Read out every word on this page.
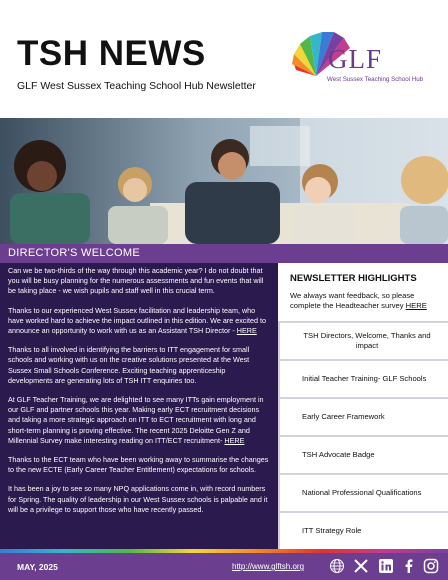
TSH NEWS
GLF West Sussex Teaching School Hub Newsletter
GLF
West Sussex Teaching School Hub
DIRECTOR'S WELCOME

Can we be two-thirds of the way through this academic year? I do not doubt that you will be busy planning for the numerous assessments and fun events that will be taking place - we wish pupils and staff well in this crucial term.

Thanks to our experienced West Sussex facilitation and leadership team, who have worked hard to achieve the impact outlined in this edition. We are excited to announce an opportunity to work with us as an Assistant TSH Director - HERE

Thanks to all involved in identifying the barriers to ITT engagement for small schools and working with us on the creative solutions presented at the West Sussex Small Schools Conference. Exciting teaching apprenticeship developments are generating lots of TSH ITT enquiries too.

At GLF Teacher Training, we are delighted to see many ITTs gain employment in our GLF and partner schools this year. Making early ECT recruitment decisions and taking a more strategic approach on ITT to ECT recruitment with long and short-term planning is proving effective. The recent 2025 Deloitte Gen Z and Millennial Survey make interesting reading on ITT/ECT recruitment- HERE

Thanks to the ECT team who have been working away to summarise the changes to the new ECTE (Early Career Teacher Entitlement) expectations for schools.

It has been a joy to see so many NPQ applications come in, with record numbers for Spring. The quality of leadership in our West Sussex schools is palpable and it will be a privilege to support those who have recently passed.

NEWSLETTER HIGHLIGHTS
We always want feedback, so please complete the Headteacher survey HERE
TSH Directors, Welcome, Thanks and impact
Initial Teacher Training- GLF Schools
Early Career Framework
TSH Advocate Badge
National Professional Qualifications
ITT Strategy Role
MAY, 2025	http://www.glftsh.org
